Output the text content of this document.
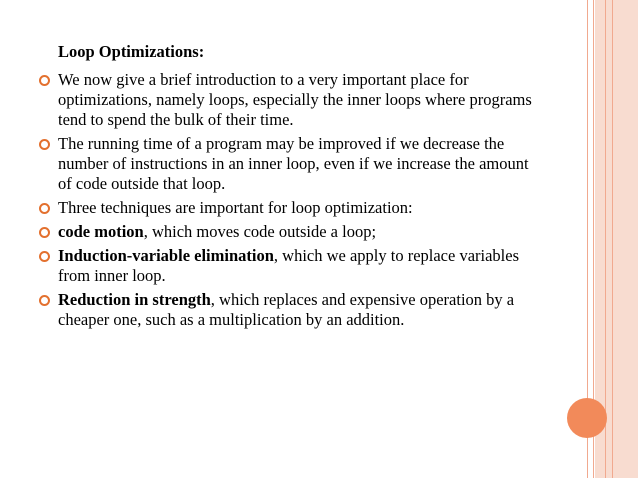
Loop Optimizations:
We now give a brief introduction to a very important place for optimizations, namely loops, especially the inner loops where programs tend to spend the bulk of their time.
The running time of a program may be improved if we decrease the number of instructions in an inner loop, even if we increase the amount of code outside that loop.
Three techniques are important for loop optimization:
code motion, which moves code outside a loop;
Induction-variable elimination, which we apply to replace variables from inner loop.
Reduction in strength, which replaces and expensive operation by a cheaper one, such as a multiplication by an addition.
